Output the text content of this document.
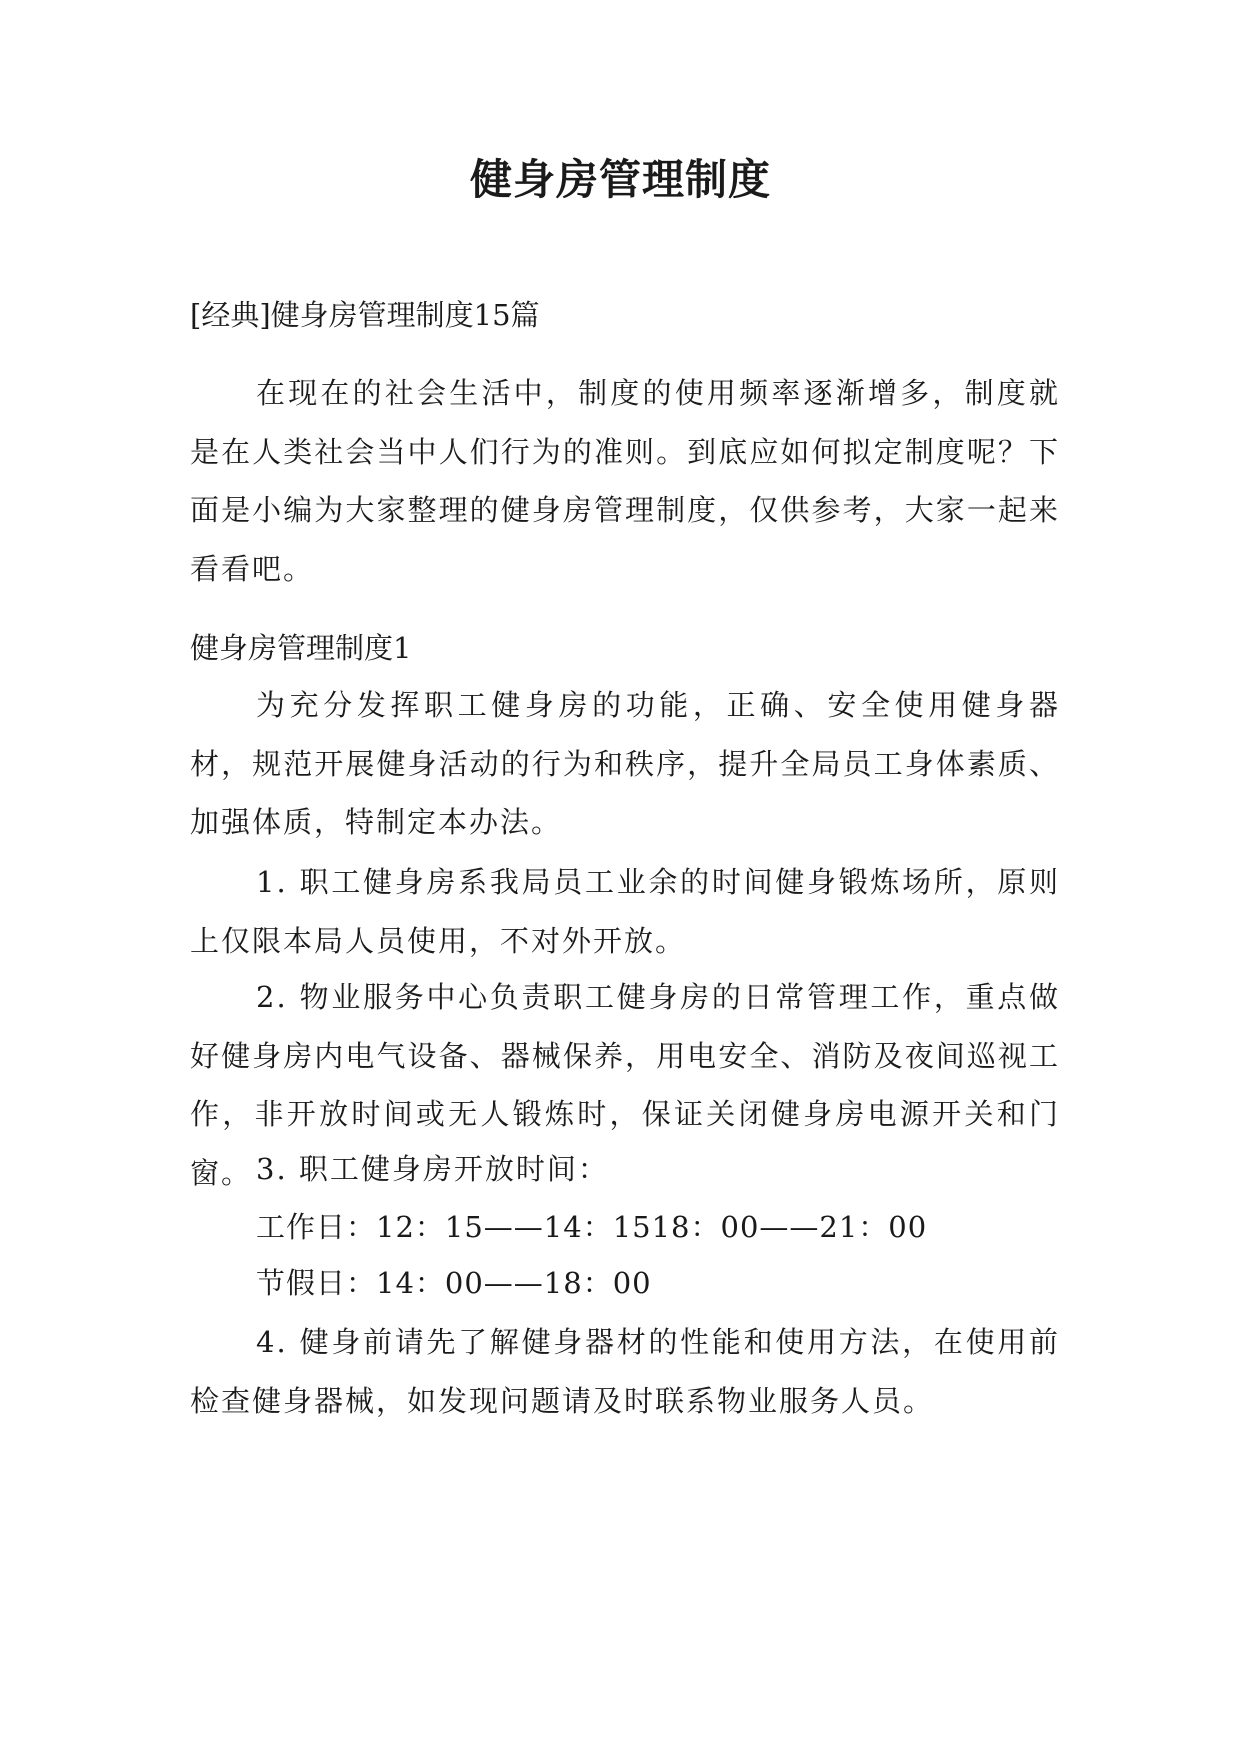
健身房管理制度

[经典]健身房管理制度15篇

在现在的社会生活中，制度的使用频率逐渐增多，制度就是在人类社会当中人们行为的准则。到底应如何拟定制度呢？下面是小编为大家整理的健身房管理制度，仅供参考，大家一起来看看吧。

健身房管理制度1

为充分发挥职工健身房的功能，正确、安全使用健身器材，规范开展健身活动的行为和秩序，提升全局员工身体素质、加强体质，特制定本办法。

1. 职工健身房系我局员工业余的时间健身锻炼场所，原则上仅限本局人员使用，不对外开放。

2. 物业服务中心负责职工健身房的日常管理工作，重点做好健身房内电气设备、器械保养，用电安全、消防及夜间巡视工作，非开放时间或无人锻炼时，保证关闭健身房电源开关和门窗。 3. 职工健身房开放时间：

工作日：12：15——14：1518：00——21：00

节假日：14：00——18：00

4. 健身前请先了解健身器材的性能和使用方法，在使用前检查健身器械，如发现问题请及时联系物业服务人员。
